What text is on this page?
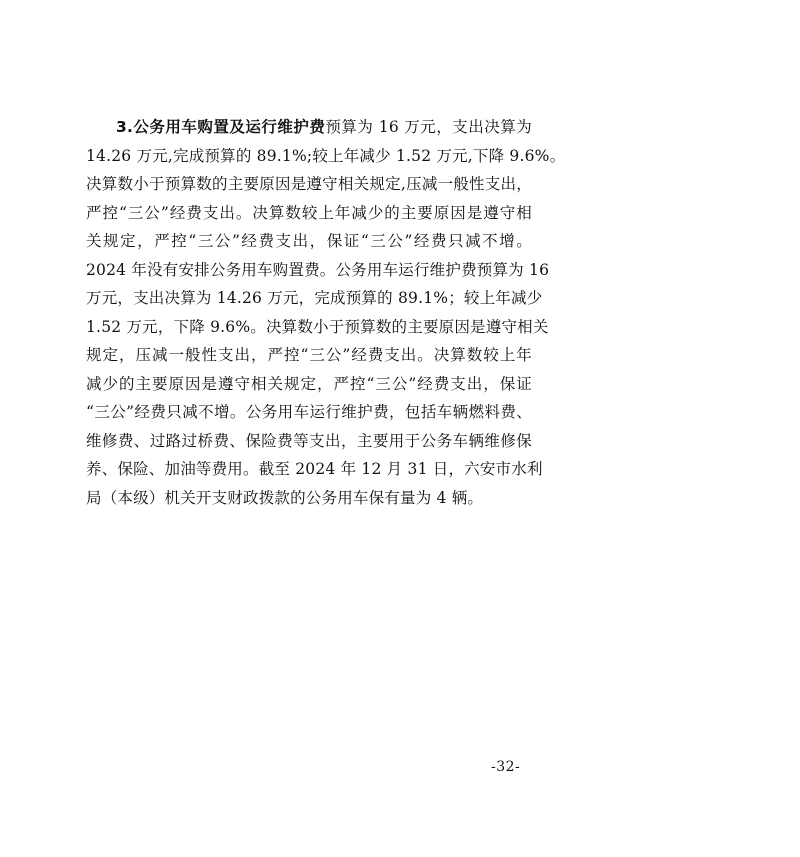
3.公务用车购置及运行维护费预算为 16 万元，支出决算为
14.26 万元,完成预算的 89.1%;较上年减少 1.52 万元,下降 9.6%。
决算数小于预算数的主要原因是遵守相关规定,压减一般性支出，
严控“三公”经费支出。决算数较上年减少的主要原因是遵守相
关规定，严控“三公”经费支出，保证“三公”经费只减不增。
2024 年没有安排公务用车购置费。公务用车运行维护费预算为 16
万元，支出决算为 14.26 万元，完成预算的 89.1%；较上年减少
1.52 万元，下降 9.6%。决算数小于预算数的主要原因是遵守相关
规定，压减一般性支出，严控“三公”经费支出。决算数较上年
减少的主要原因是遵守相关规定，严控“三公”经费支出，保证
“三公”经费只减不增。公务用车运行维护费，包括车辆燃料费、
维修费、过路过桥费、保险费等支出，主要用于公务车辆维修保
养、保险、加油等费用。截至 2024 年 12 月 31 日，六安市水利
局（本级）机关开支财政拨款的公务用车保有量为 4 辆。
-32-
